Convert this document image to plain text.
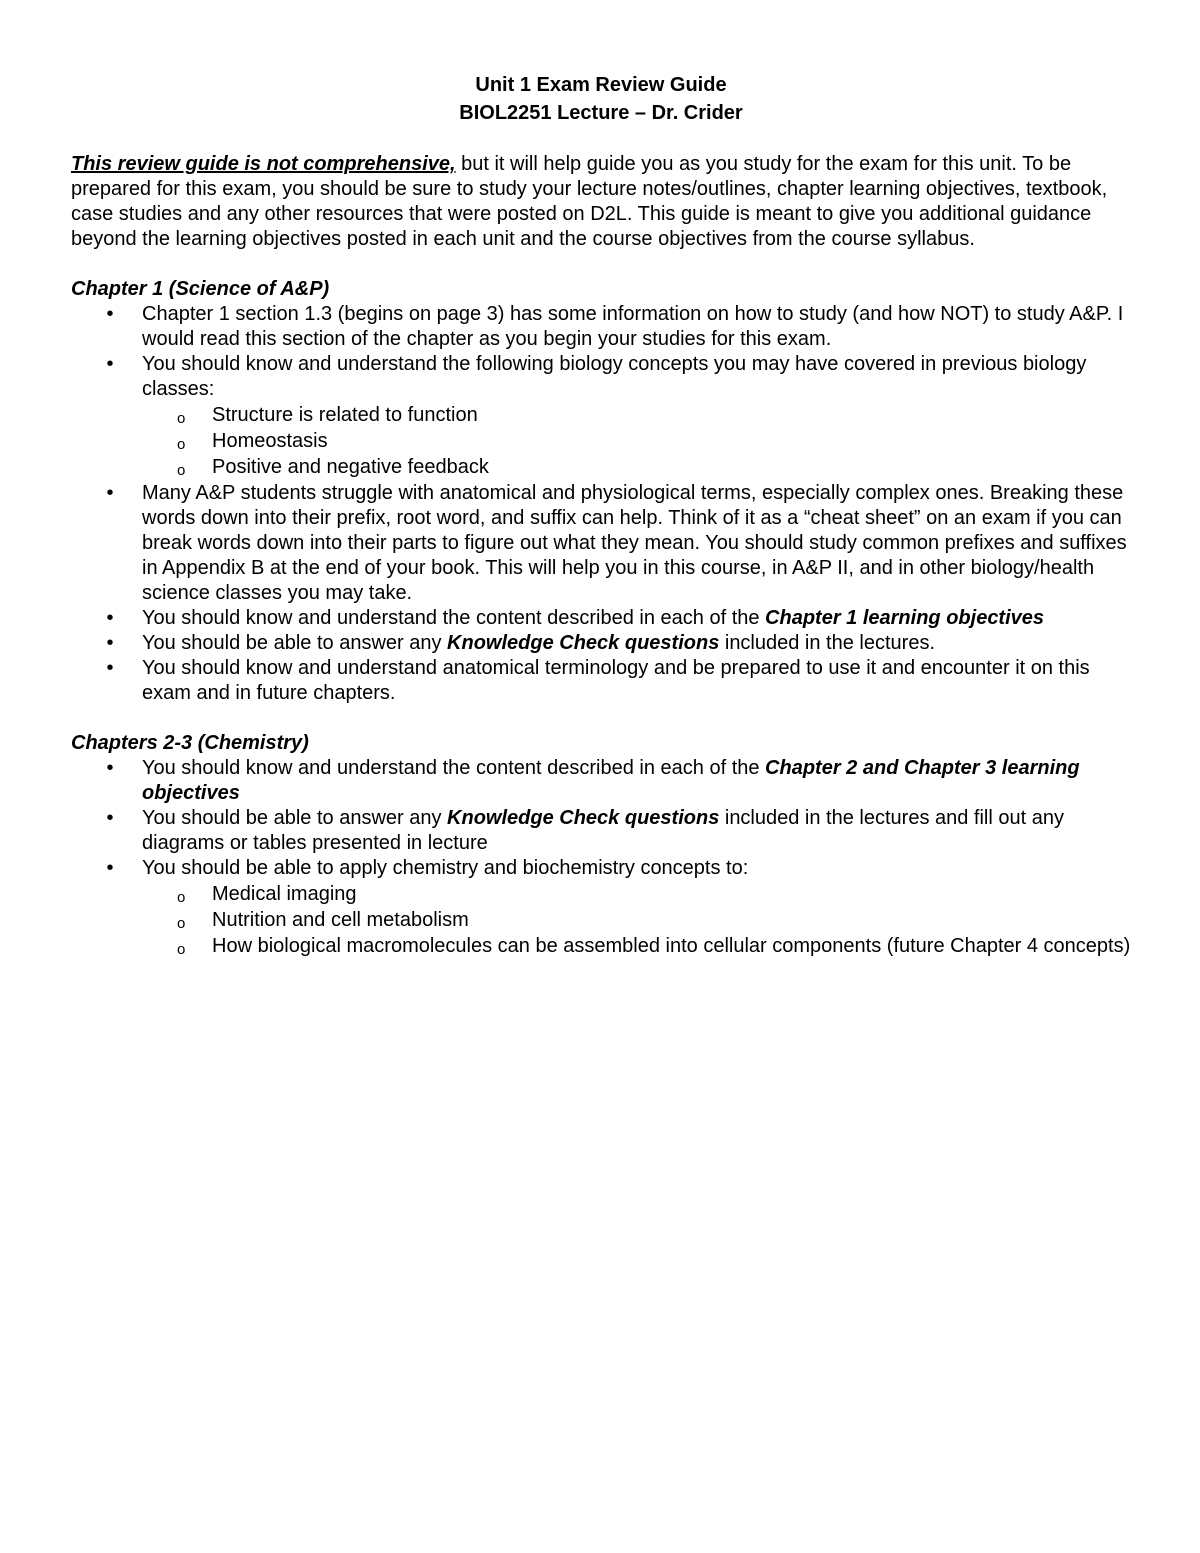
Unit 1 Exam Review Guide
BIOL2251 Lecture – Dr. Crider

This review guide is not comprehensive, but it will help guide you as you study for the exam for this unit. To be prepared for this exam, you should be sure to study your lecture notes/outlines, chapter learning objectives, textbook, case studies and any other resources that were posted on D2L. This guide is meant to give you additional guidance beyond the learning objectives posted in each unit and the course objectives from the course syllabus.

Chapter 1 (Science of A&P)
• Chapter 1 section 1.3 (begins on page 3) has some information on how to study (and how NOT) to study A&P. I would read this section of the chapter as you begin your studies for this exam.
• You should know and understand the following biology concepts you may have covered in previous biology classes:
o Structure is related to function
o Homeostasis
o Positive and negative feedback
• Many A&P students struggle with anatomical and physiological terms, especially complex ones. Breaking these words down into their prefix, root word, and suffix can help. Think of it as a “cheat sheet” on an exam if you can break words down into their parts to figure out what they mean. You should study common prefixes and suffixes in Appendix B at the end of your book. This will help you in this course, in A&P II, and in other biology/health science classes you may take.
• You should know and understand the content described in each of the Chapter 1 learning objectives
• You should be able to answer any Knowledge Check questions included in the lectures.
• You should know and understand anatomical terminology and be prepared to use it and encounter it on this exam and in future chapters.
Chapters 2-3 (Chemistry)
• You should know and understand the content described in each of the Chapter 2 and Chapter 3 learning objectives
• You should be able to answer any Knowledge Check questions included in the lectures and fill out any diagrams or tables presented in lecture
• You should be able to apply chemistry and biochemistry concepts to:
o Medical imaging
o Nutrition and cell metabolism
o How biological macromolecules can be assembled into cellular components (future Chapter 4 concepts)
